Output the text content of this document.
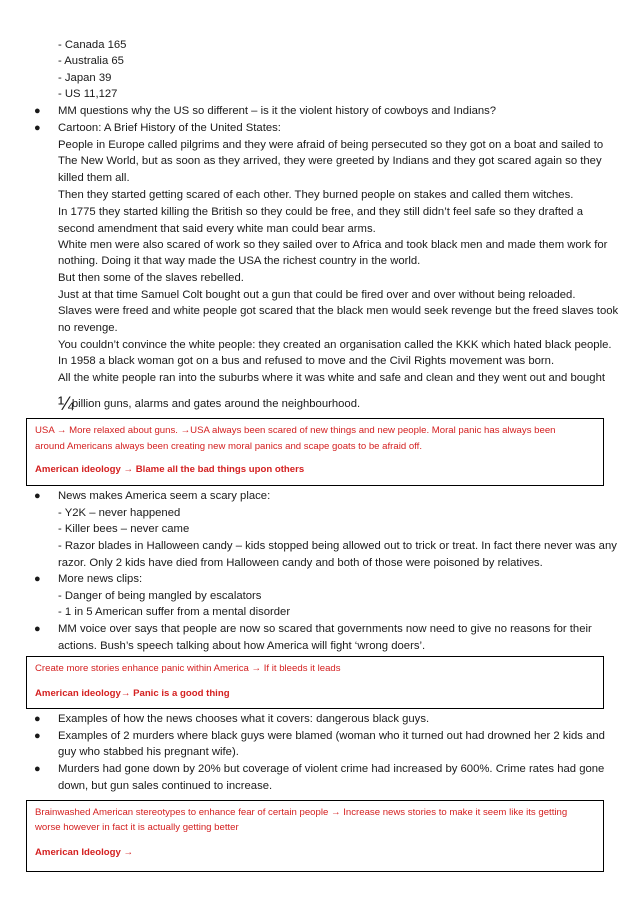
- Canada 165
- Australia 65
- Japan 39
- US 11,127
● MM questions why the US so different – is it the violent history of cowboys and Indians?
● Cartoon: A Brief History of the United States:
People in Europe called pilgrims and they were afraid of being persecuted so they got on a boat and sailed to
The New World, but as soon as they arrived, they were greeted by Indians and they got scared again so they
killed them all.
Then they started getting scared of each other. They burned people on stakes and called them witches.
In 1775 they started killing the British so they could be free, and they still didn’t feel safe so they drafted a
second amendment that said every white man could bear arms.
White men were also scared of work so they sailed over to Africa and took black men and made them work for
nothing. Doing it that way made the USA the richest country in the world.
But then some of the slaves rebelled.
Just at that time Samuel Colt bought out a gun that could be fired over and over without being reloaded.
Slaves were freed and white people got scared that the black men would seek revenge but the freed slaves took
no revenge.
You couldn’t convince the white people: they created an organisation called the KKK which hated black people.
In 1958 a black woman got on a bus and refused to move and the Civil Rights movement was born.
All the white people ran into the suburbs where it was white and safe and clean and they went out and bought
¼billion guns, alarms and gates around the neighbourhood.
USA → More relaxed about guns. →USA always been scared of new things and new people. Moral panic has always been
around Americans always been creating new moral panics and scape goats to be afraid off.
American ideology → Blame all the bad things upon others
● News makes America seem a scary place:
- Y2K – never happened
- Killer bees – never came
- Razor blades in Halloween candy – kids stopped being allowed out to trick or treat. In fact there never was any
razor. Only 2 kids have died from Halloween candy and both of those were poisoned by relatives.
● More news clips:
- Danger of being mangled by escalators
- 1 in 5 American suffer from a mental disorder
● MM voice over says that people are now so scared that governments now need to give no reasons for their
actions. Bush’s speech talking about how America will fight ‘wrong doers’.
Create more stories enhance panic within America → If it bleeds it leads
American ideology→ Panic is a good thing
● Examples of how the news chooses what it covers: dangerous black guys.
● Examples of 2 murders where black guys were blamed (woman who it turned out had drowned her 2 kids and
guy who stabbed his pregnant wife).
● Murders had gone down by 20% but coverage of violent crime had increased by 600%. Crime rates had gone
down, but gun sales continued to increase.
Brainwashed American stereotypes to enhance fear of certain people → Increase news stories to make it seem like its getting
worse however in fact it is actually getting better
American Ideology →
